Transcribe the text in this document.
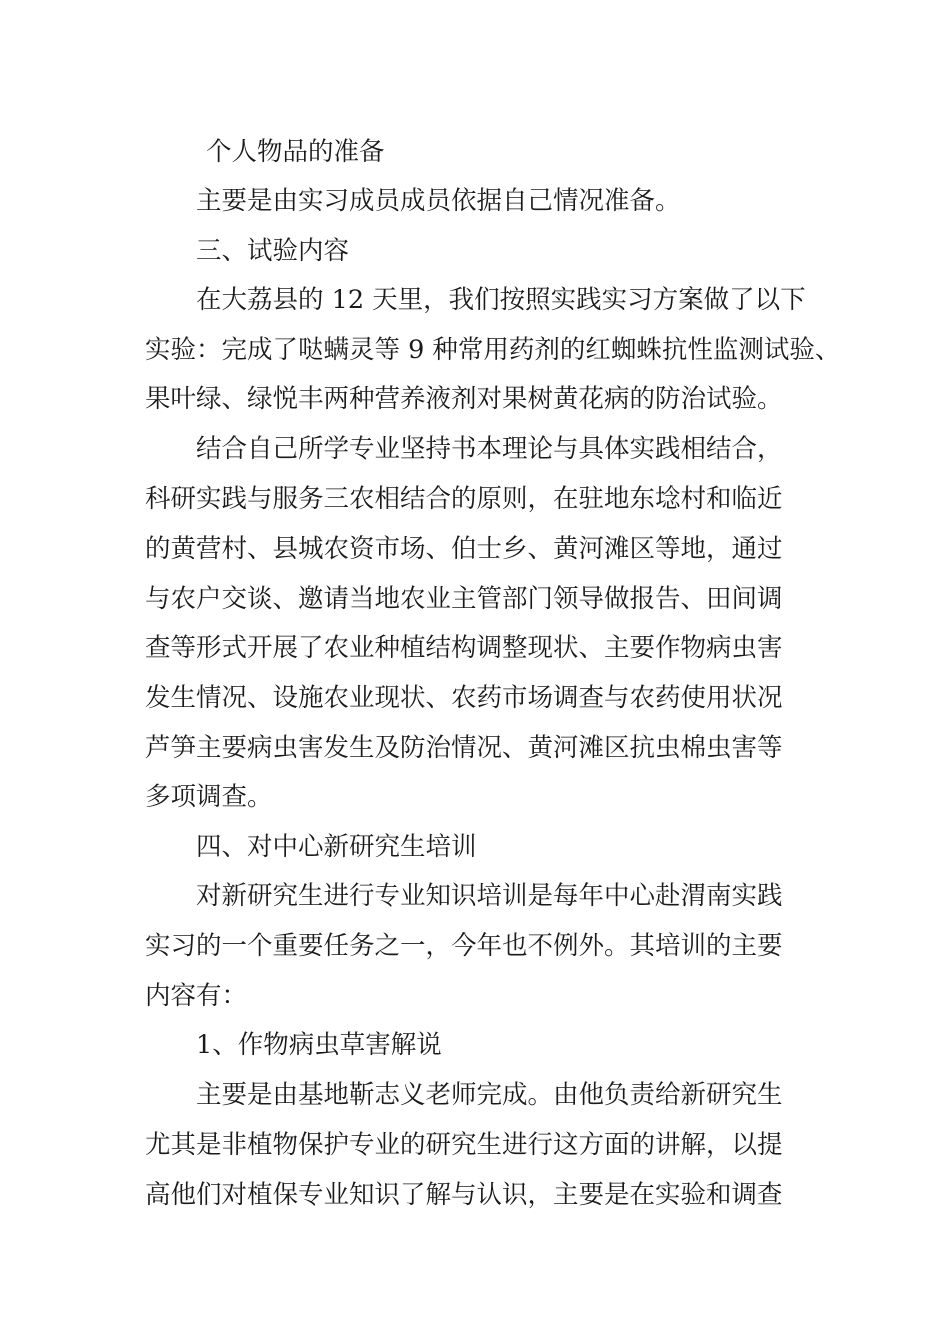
个人物品的准备
主要是由实习成员成员依据自己情况准备。
三、试验内容
在大荔县的 12 天里，我们按照实践实习方案做了以下
实验：完成了哒螨灵等 9 种常用药剂的红蜘蛛抗性监测试验、
果叶绿、绿悦丰两种营养液剂对果树黄花病的防治试验。
结合自己所学专业坚持书本理论与具体实践相结合，
科研实践与服务三农相结合的原则，在驻地东埝村和临近
的黄营村、县城农资市场、伯士乡、黄河滩区等地，通过
与农户交谈、邀请当地农业主管部门领导做报告、田间调
查等形式开展了农业种植结构调整现状、主要作物病虫害
发生情况、设施农业现状、农药市场调查与农药使用状况
芦笋主要病虫害发生及防治情况、黄河滩区抗虫棉虫害等
多项调查。
四、对中心新研究生培训
对新研究生进行专业知识培训是每年中心赴渭南实践
实习的一个重要任务之一，今年也不例外。其培训的主要
内容有：
1、作物病虫草害解说
主要是由基地靳志义老师完成。由他负责给新研究生
尤其是非植物保护专业的研究生进行这方面的讲解，以提
高他们对植保专业知识了解与认识，主要是在实验和调查
